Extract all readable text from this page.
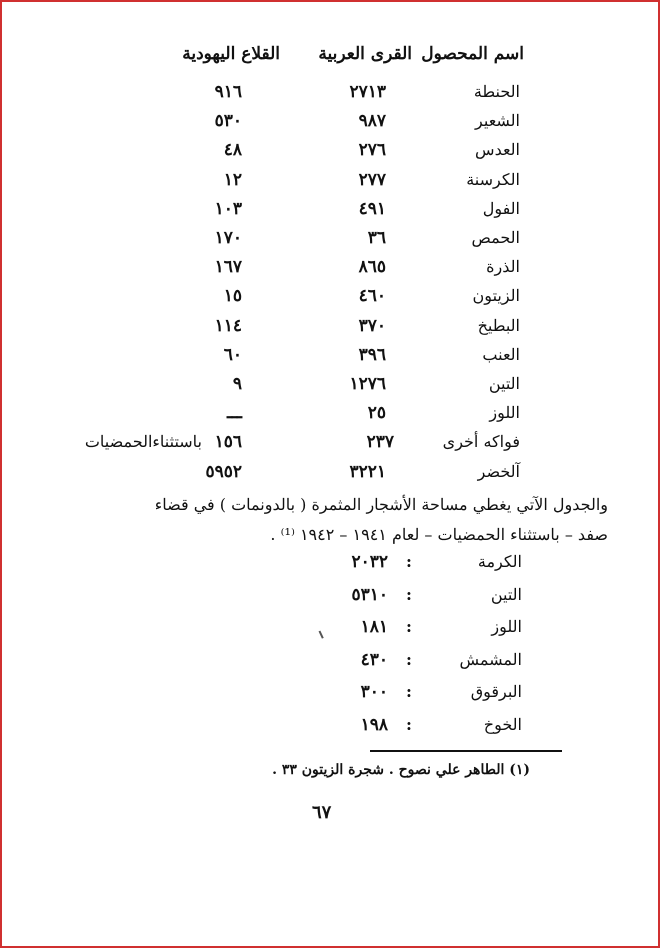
اسم المحصول
القرى العربية
القلاع اليهودية
الحنطة
٢٧١٣
٩١٦
الشعير
٩٨٧
٥٣٠
العدس
٢٧٦
٤٨
الكرسنة
٢٧٧
١٢
الفول
٤٩١
١٠٣
الحمص
٣٦
١٧٠
الذرة
٨٦٥
١٦٧
الزيتون
٤٦٠
١٥
البطيخ
٣٧٠
١١٤
العنب
٣٩٦
٦٠
التين
١٢٧٦
٩
اللوز
٢٥
ـــ
فواكه أخرى
٢٣٧
١٥٦
باستثناءالحمضيات
آلخضر
٣٢٢١
٥٩٥٢
والجدول الآتي يغطي مساحة الأشجار المثمرة ( بالدونمات ) في قضاء
صفد – باستثناء الحمضيات – لعام ١٩٤١ – ١٩٤٢ ⁽¹⁾ .
الكرمة
:
٢٠٣٢
التين
:
٥٣١٠
اللوز
:
١٨١
المشمش
:
٤٣٠
البرقوق
:
٣٠٠
الخوخ
:
١٩٨
(١) الطاهر علي نصوح . شجرة الزيتون ٣٣ .
٦٧
